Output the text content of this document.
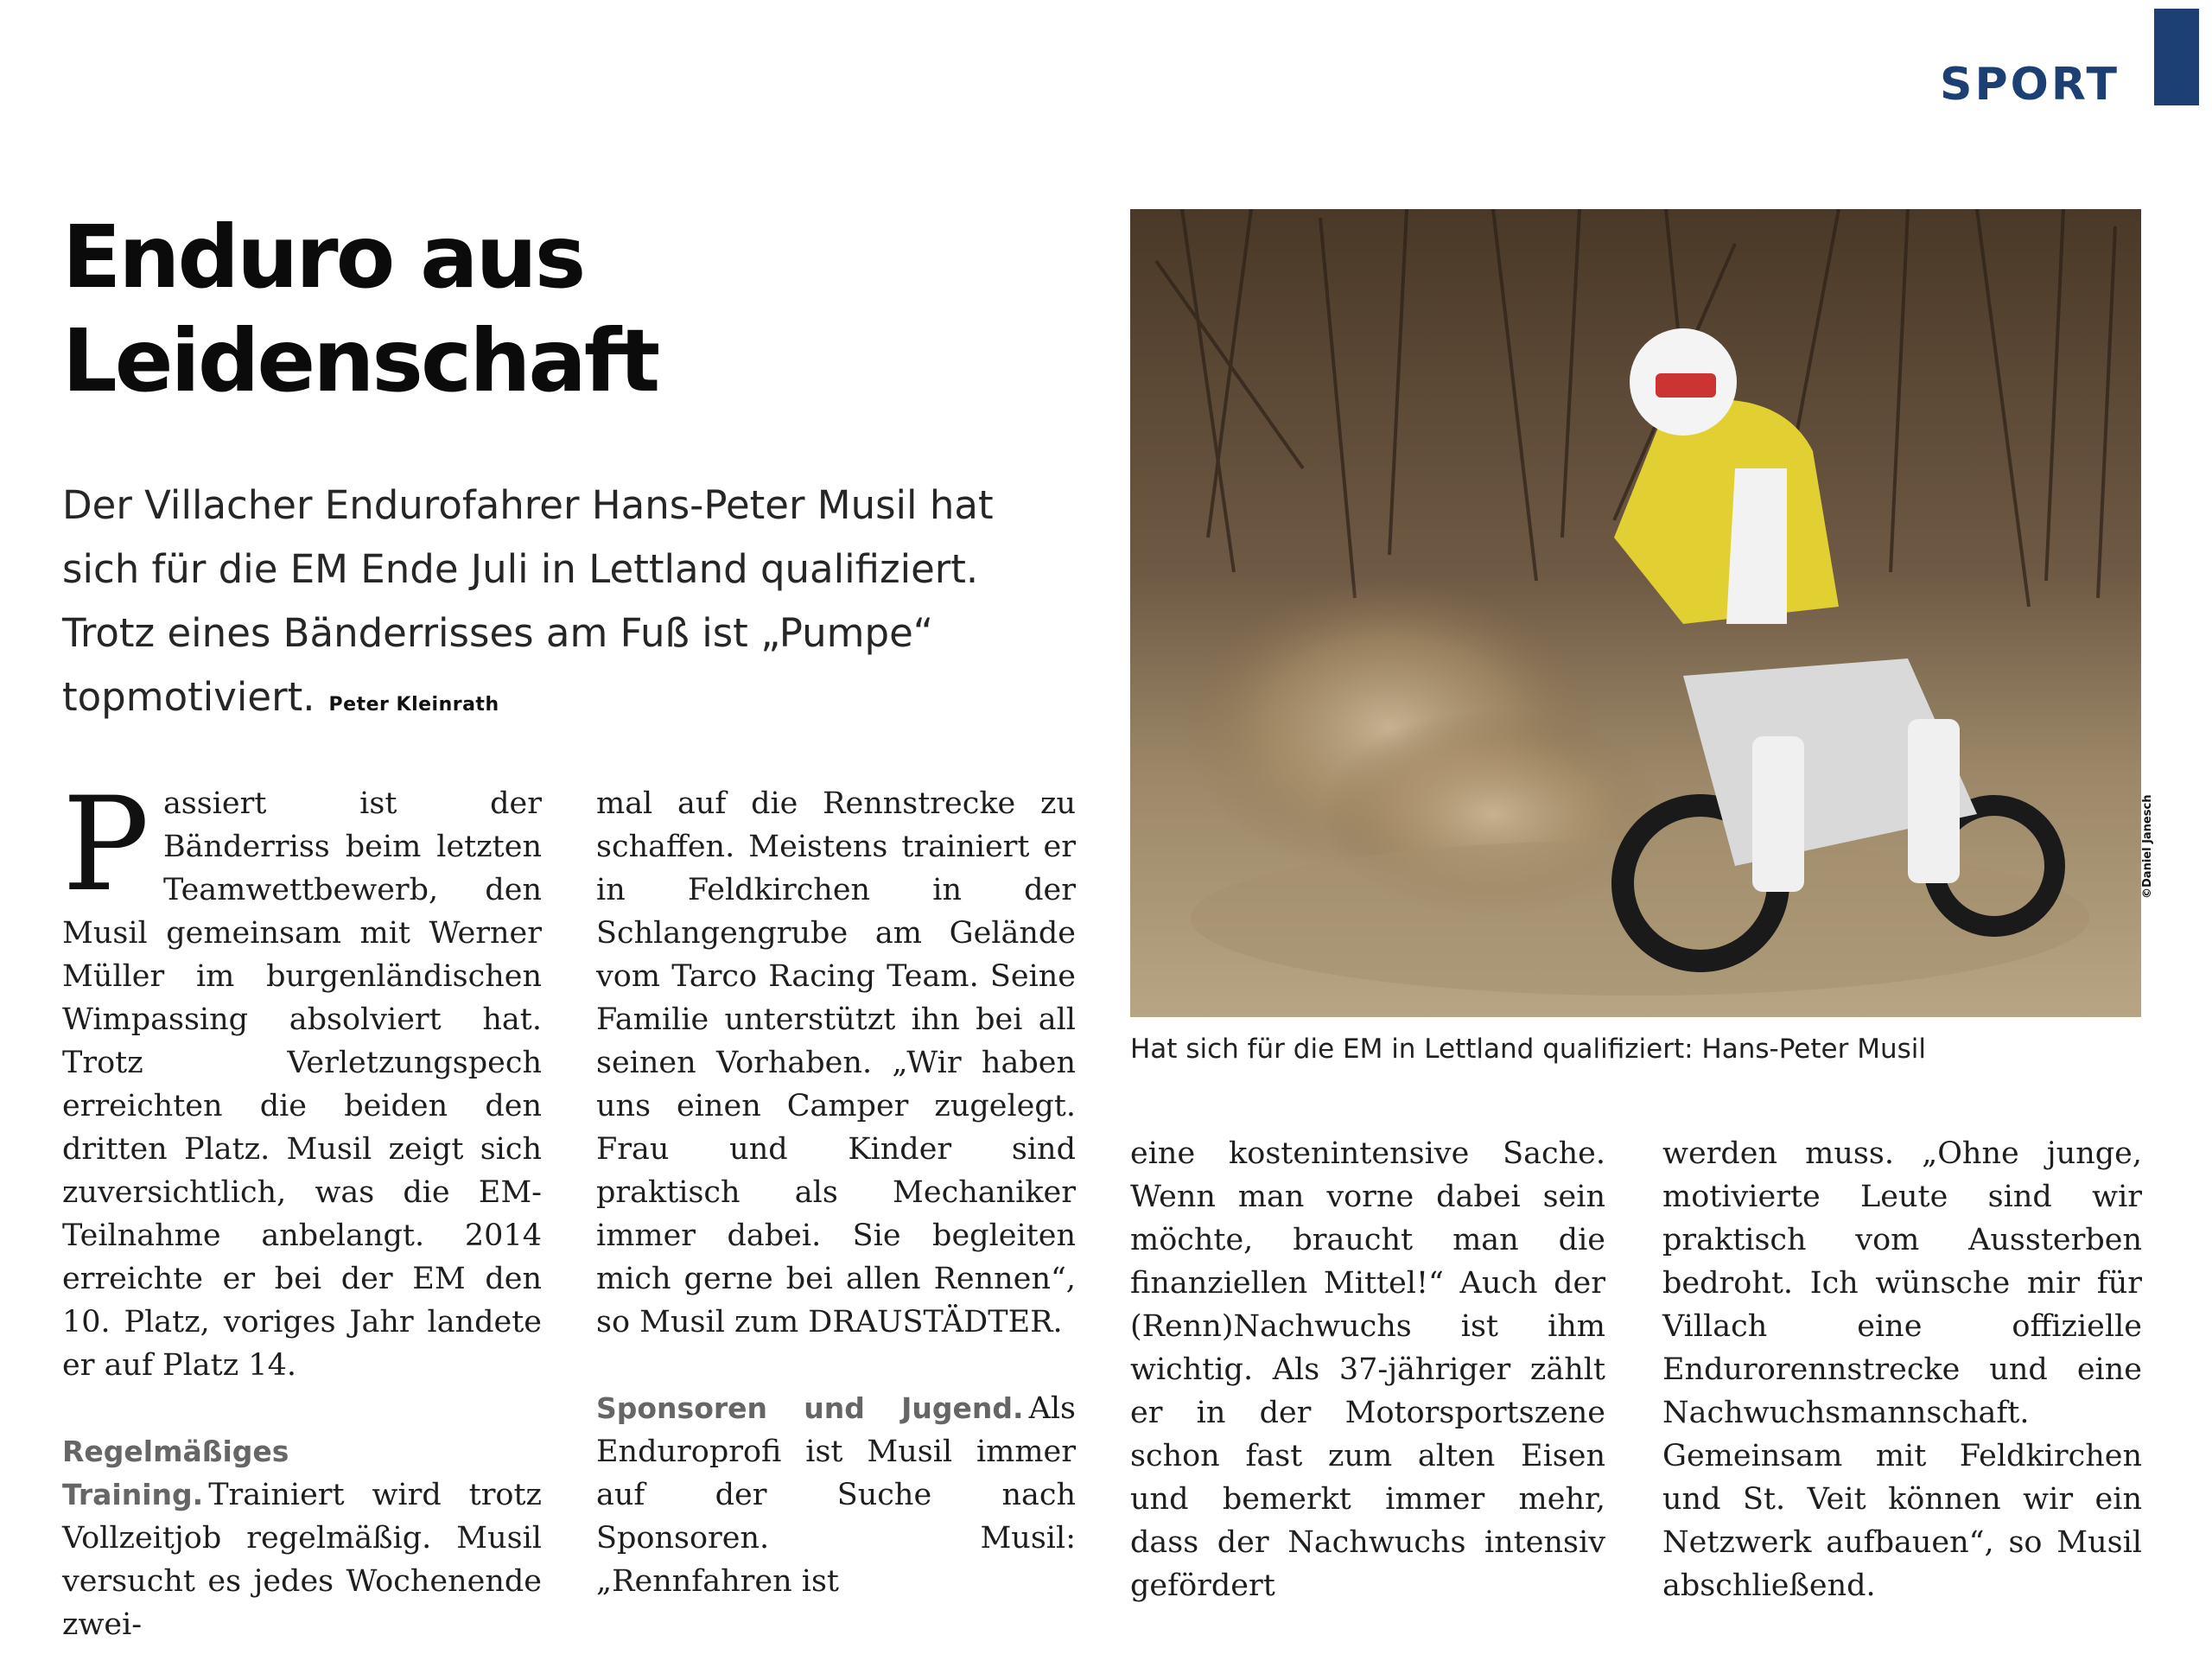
SPORT
Enduro aus Leidenschaft

Der Villacher Endurofahrer Hans-Peter Musil hat sich für die EM Ende Juli in Lettland qualifiziert. Trotz eines Bänderrisses am Fuß ist „Pumpe“ topmotiviert. Peter Kleinrath

©Daniel Janesch

Hat sich für die EM in Lettland qualifiziert: Hans-Peter Musil

Passiert ist der Bänderriss beim letzten Teamwettbewerb, den Musil gemeinsam mit Werner Müller im burgenländischen Wimpassing absolviert hat. Trotz Verletzungspech erreichten die beiden den dritten Platz. Musil zeigt sich zuversichtlich, was die EM-Teilnahme anbelangt. 2014 erreichte er bei der EM den 10. Platz, voriges Jahr landete er auf Platz 14.

Regelmäßiges Training. Trainiert wird trotz Vollzeitjob regelmäßig. Musil versucht es jedes Wochenende zwei-

mal auf die Rennstrecke zu schaffen. Meistens trainiert er in Feldkirchen in der Schlangengrube am Gelände vom Tarco Racing Team. Seine Familie unterstützt ihn bei all seinen Vorhaben. „Wir haben uns einen Camper zugelegt. Frau und Kinder sind praktisch als Mechaniker immer dabei. Sie begleiten mich gerne bei allen Rennen“, so Musil zum DRAUSTÄDTER.

Sponsoren und Jugend. Als Enduroprofi ist Musil immer auf der Suche nach Sponsoren. Musil: „Rennfahren ist

eine kostenintensive Sache. Wenn man vorne dabei sein möchte, braucht man die finanziellen Mittel!“ Auch der (Renn)Nachwuchs ist ihm wichtig. Als 37-jähriger zählt er in der Motorsportszene schon fast zum alten Eisen und bemerkt immer mehr, dass der Nachwuchs intensiv gefördert

werden muss. „Ohne junge, motivierte Leute sind wir praktisch vom Aussterben bedroht. Ich wünsche mir für Villach eine offizielle Endurorennstrecke und eine Nachwuchsmannschaft. Gemeinsam mit Feldkirchen und St. Veit können wir ein Netzwerk aufbauen“, so Musil abschließend.
